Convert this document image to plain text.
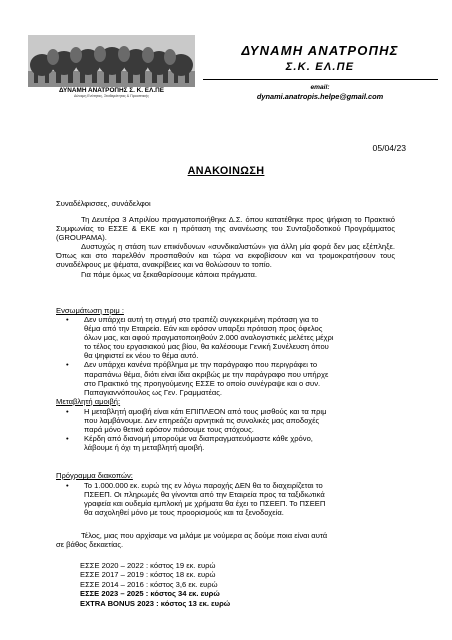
ΔΥΝΑΜΗ ΑΝΑΤΡΟΠΗΣ Σ. Κ. ΕΛ.ΠΕ
Δύναμη Ενότητας, Σταθερότητας & Προοπτικής
ΔΥΝΑΜΗ ΑΝΑΤΡΟΠΗΣ
Σ.Κ. ΕΛ.ΠΕ
email:
dynami.anatropis.helpe@gmail.com
05/04/23
ΑΝΑΚΟΙΝΩΣΗ
Συναδέλφισσες, συνάδελφοι

Τη Δευτέρα 3 Απριλίου πραγματοποιήθηκε Δ.Σ. όπου κατατέθηκε προς ψήφιση το Πρακτικό Συμφωνίας το ΕΣΣΕ & ΕΚΕ και η πρόταση της ανανέωσης του Συνταξιοδοτικού Προγράμματος (GROUPAMA).

Δυστυχώς η στάση των επικίνδυνων «συνδικαλιστών» για άλλη μία φορά δεν μας εξέπληξε. Όπως και στο παρελθόν προσπαθούν και τώρα να εκφοβίσουν και να τρομοκρατήσουν τους συναδέλφους με ψέματα, ανακρίβειες και να θολώσουν το τοπίο.

Για πάμε όμως να ξεκαθαρίσουμε κάποια πράγματα.

Ενσωμάτωση πριμ :
• Δεν υπάρχει αυτή τη στιγμή στο τραπέζι συγκεκριμένη πρόταση για το
θέμα από την Εταιρεία. Εάν και εφόσον υπαρξει πρόταση προς όφελος
όλων μας, και αφού πραγματοποιηθούν 2.000 αναλογιστικές μελέτες μέχρι
το τέλος του εργασιακού μας βίου, θα καλέσουμε Γενική Συνέλευση όπου
θα ψηφιστεί εκ νέου το θέμα αυτό.
• Δεν υπάρχει κανένα πρόβλημα με την παράγραφο που περιγράφει το
παραπάνω θέμα, διότι είναι ίδια ακριβώς με την παράγραφο που υπήρχε
στο Πρακτικό της προηγούμενης ΕΣΣΕ το οποίο συνέγραψε και ο συν.
Παπαγιαννόπουλος ως Γεν. Γραμματέας.
Μεταβλητή αμοιβή:
• Η μεταβλητή αμοιβή είναι κάτι ΕΠΙΠΛΕΟΝ από τους μισθούς και τα πριμ
που λαμβάνουμε. Δεν επηρεάζει αρνητικά τις συνολικές μας αποδοχές
παρά μόνο θετικά εφόσον πιάσουμε τους στόχους.
• Κέρδη από διανομή μπορούμε να διαπραγματευόμαστε κάθε χρόνο,
λάβουμε ή όχι τη μεταβλητή αμοιβή.
Πρόγραμμα διακοπών:
• Το 1.000.000 εκ. ευρώ της εν λόγω παροχής ΔΕΝ θα το διαχειρίζεται το
ΠΣΕΕΠ. Οι πληρωμές θα γίνονται από την Εταιρεία προς τα ταξιδιωτικά
γραφεία και ουδεμία εμπλοκή με χρήματα θα έχει το ΠΣΕΕΠ. Το ΠΣΕΕΠ
θα ασχοληθεί μόνο με τους προορισμούς και τα ξενοδοχεία.
Τέλος, μιας που αρχίσαμε να μιλάμε με νούμερα ας δούμε ποια είναι αυτά
σε βάθος δεκαετίας.
ΕΣΣΕ 2020 – 2022 : κόστος 19 εκ. ευρώ
ΕΣΣΕ 2017 – 2019 : κόστος 18 εκ. ευρώ
ΕΣΣΕ 2014 – 2016 : κόστος 3,6 εκ. ευρώ
ΕΣΣΕ 2023 – 2025 : κόστος 34 εκ. ευρώ
EXTRA BONUS 2023 : κόστος 13 εκ. ευρώ
